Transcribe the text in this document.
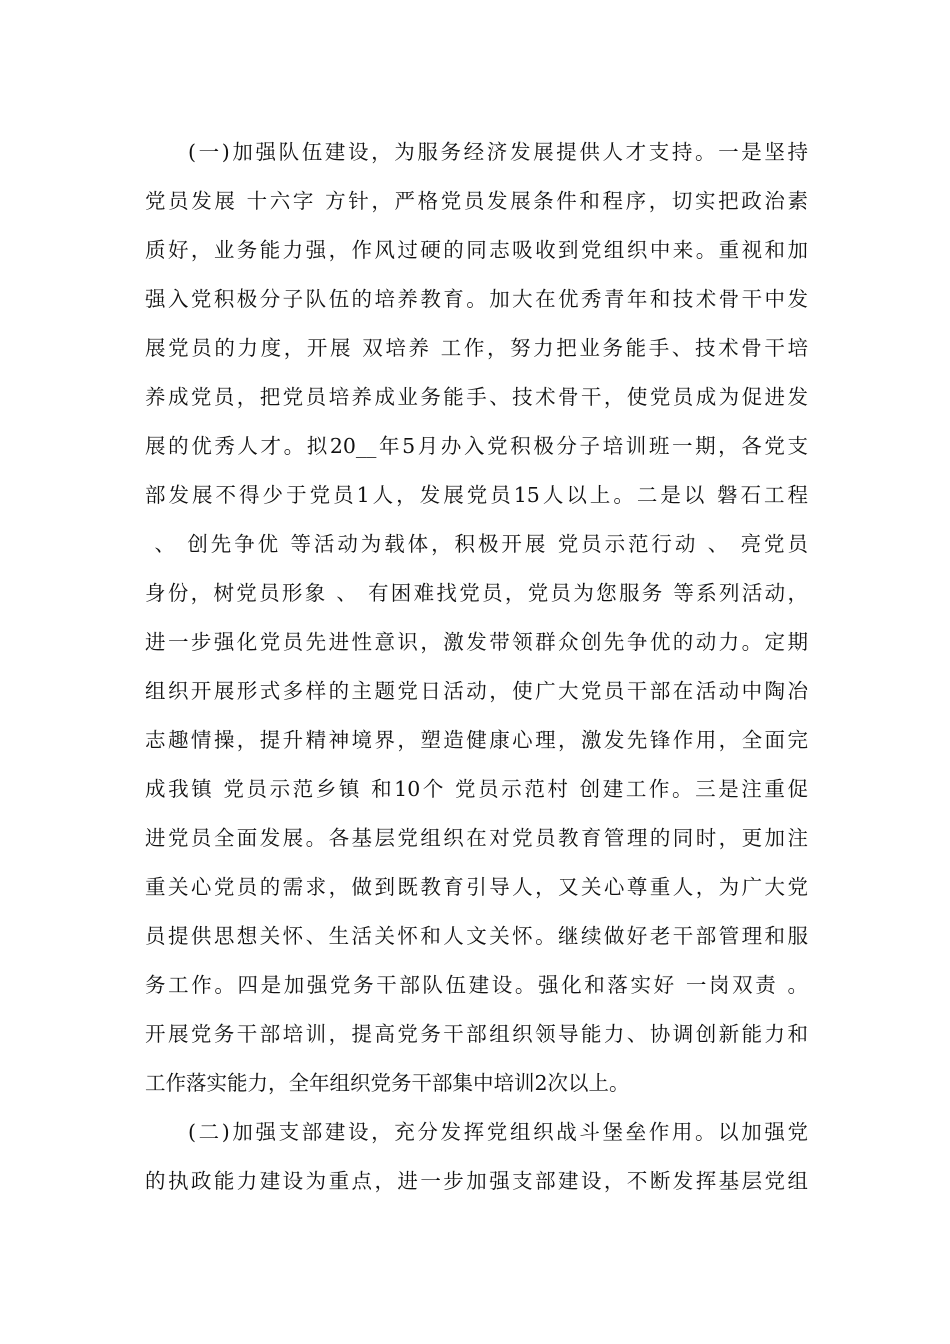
(一)加强队伍建设，为服务经济发展提供人才支持。一是坚持
党员发展 十六字 方针，严格党员发展条件和程序，切实把政治素
质好，业务能力强，作风过硬的同志吸收到党组织中来。重视和加
强入党积极分子队伍的培养教育。加大在优秀青年和技术骨干中发
展党员的力度，开展 双培养 工作，努力把业务能手、技术骨干培
养成党员，把党员培养成业务能手、技术骨干，使党员成为促进发
展的优秀人才。拟20__年5月办入党积极分子培训班一期，各党支
部发展不得少于党员1人，发展党员15人以上。二是以 磐石工程
、 创先争优 等活动为载体，积极开展 党员示范行动 、 亮党员
身份，树党员形象 、 有困难找党员，党员为您服务 等系列活动，
进一步强化党员先进性意识，激发带领群众创先争优的动力。定期
组织开展形式多样的主题党日活动，使广大党员干部在活动中陶冶
志趣情操，提升精神境界，塑造健康心理，激发先锋作用，全面完
成我镇 党员示范乡镇 和10个 党员示范村 创建工作。三是注重促
进党员全面发展。各基层党组织在对党员教育管理的同时，更加注
重关心党员的需求，做到既教育引导人，又关心尊重人，为广大党
员提供思想关怀、生活关怀和人文关怀。继续做好老干部管理和服
务工作。四是加强党务干部队伍建设。强化和落实好 一岗双责 。
开展党务干部培训，提高党务干部组织领导能力、协调创新能力和
工作落实能力，全年组织党务干部集中培训2次以上。
(二)加强支部建设，充分发挥党组织战斗堡垒作用。以加强党
的执政能力建设为重点，进一步加强支部建设，不断发挥基层党组
